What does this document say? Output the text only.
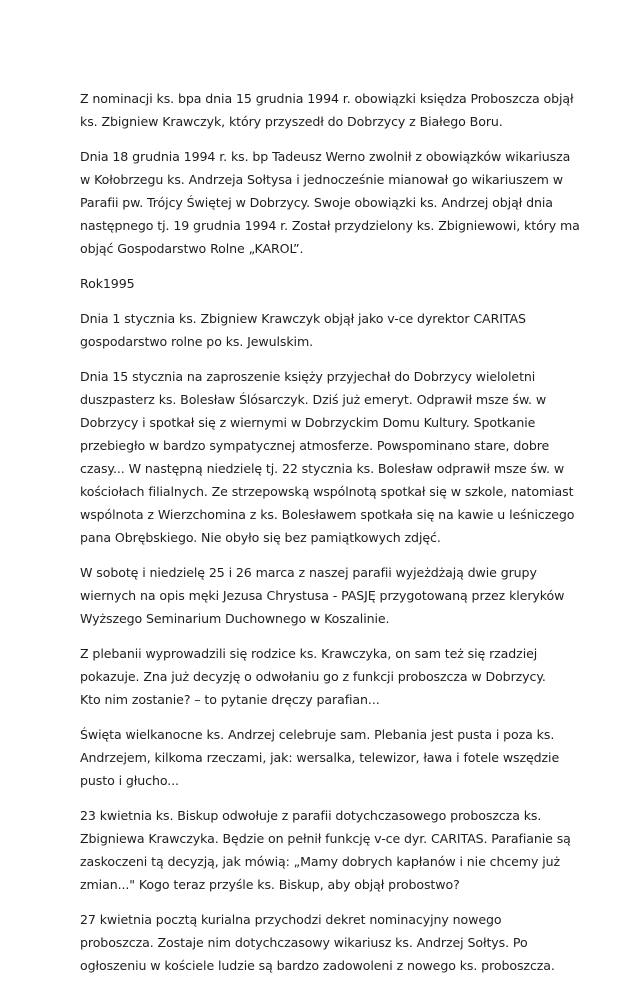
Z nominacji ks. bpa dnia 15 grudnia 1994 r. obowiązki księdza Proboszcza objął
ks. Zbigniew Krawczyk, który przyszedł do Dobrzycy z Białego Boru.

Dnia 18 grudnia 1994 r. ks. bp Tadeusz Werno zwolnił z obowiązków wikariusza
w Kołobrzegu ks. Andrzeja Sołtysa i jednocześnie mianował go wikariuszem w
Parafii pw. Trójcy Świętej w Dobrzycy. Swoje obowiązki ks. Andrzej objął dnia
następnego tj. 19 grudnia 1994 r. Został przydzielony ks. Zbigniewowi, który ma
objąć Gospodarstwo Rolne „KAROL”.

Rok1995

Dnia 1 stycznia ks. Zbigniew Krawczyk objął jako v-ce dyrektor CARITAS
gospodarstwo rolne po ks. Jewulskim.

Dnia 15 stycznia na zaproszenie księży przyjechał do Dobrzycy wieloletni
duszpasterz ks. Bolesław Ślósarczyk. Dziś już emeryt. Odprawił msze św. w
Dobrzycy i spotkał się z wiernymi w Dobrzyckim Domu Kultury. Spotkanie
przebiegło w bardzo sympatycznej atmosferze. Powspominano stare, dobre
czasy... W następną niedzielę tj. 22 stycznia ks. Bolesław odprawił msze św. w
kościołach filialnych. Ze strzepowską wspólnotą spotkał się w szkole, natomiast
wspólnota z Wierzchomina z ks. Bolesławem spotkała się na kawie u leśniczego
pana Obrębskiego. Nie obyło się bez pamiątkowych zdjęć.

W sobotę i niedzielę 25 i 26 marca z naszej parafii wyjeżdżają dwie grupy
wiernych na opis męki Jezusa Chrystusa - PASJĘ przygotowaną przez kleryków
Wyższego Seminarium Duchownego w Koszalinie.

Z plebanii wyprowadzili się rodzice ks. Krawczyka, on sam też się rzadziej
pokazuje. Zna już decyzję o odwołaniu go z funkcji proboszcza w Dobrzycy.
Kto nim zostanie? – to pytanie dręczy parafian...

Święta wielkanocne ks. Andrzej celebruje sam. Plebania jest pusta i poza ks.
Andrzejem, kilkoma rzeczami, jak: wersalka, telewizor, ława i fotele wszędzie
pusto i głucho...

23 kwietnia ks. Biskup odwołuje z parafii dotychczasowego proboszcza ks.
Zbigniewa Krawczyka. Będzie on pełnił funkcję v-ce dyr. CARITAS. Parafianie są
zaskoczeni tą decyzją, jak mówią: „Mamy dobrych kapłanów i nie chcemy już
zmian..." Kogo teraz przyśle ks. Biskup, aby objął probostwo?

27 kwietnia pocztą kurialna przychodzi dekret nominacyjny nowego
proboszcza. Zostaje nim dotychczasowy wikariusz ks. Andrzej Sołtys. Po
ogłoszeniu w kościele ludzie są bardzo zadowoleni z nowego ks. proboszcza.
